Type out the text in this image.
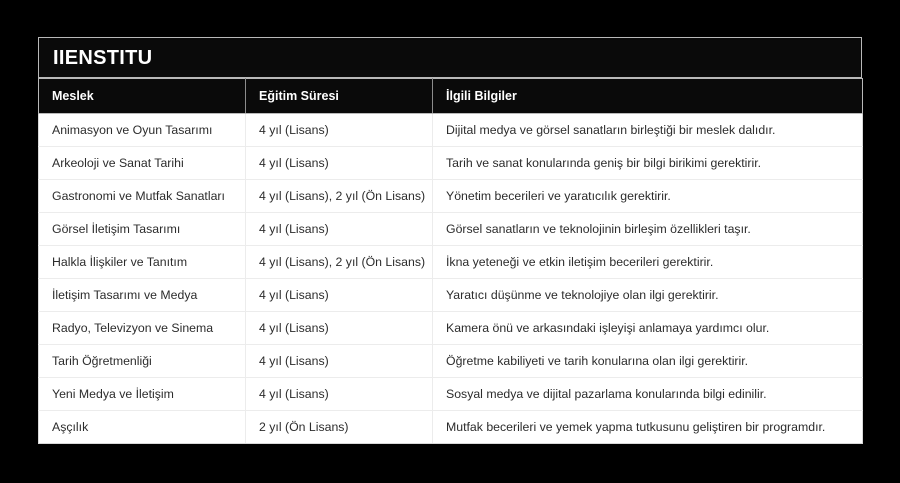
IIENSTITU
Meslek	Eğitim Süresi	İlgili Bilgiler
Animasyon ve Oyun Tasarımı	4 yıl (Lisans)	Dijital medya ve görsel sanatların birleştiği bir meslek dalıdır.
Arkeoloji ve Sanat Tarihi	4 yıl (Lisans)	Tarih ve sanat konularında geniş bir bilgi birikimi gerektirir.
Gastronomi ve Mutfak Sanatları	4 yıl (Lisans), 2 yıl (Ön Lisans)	Yönetim becerileri ve yaratıcılık gerektirir.
Görsel İletişim Tasarımı	4 yıl (Lisans)	Görsel sanatların ve teknolojinin birleşim özellikleri taşır.
Halkla İlişkiler ve Tanıtım	4 yıl (Lisans), 2 yıl (Ön Lisans)	İkna yeteneği ve etkin iletişim becerileri gerektirir.
İletişim Tasarımı ve Medya	4 yıl (Lisans)	Yaratıcı düşünme ve teknolojiye olan ilgi gerektirir.
Radyo, Televizyon ve Sinema	4 yıl (Lisans)	Kamera önü ve arkasındaki işleyişi anlamaya yardımcı olur.
Tarih Öğretmenliği	4 yıl (Lisans)	Öğretme kabiliyeti ve tarih konularına olan ilgi gerektirir.
Yeni Medya ve İletişim	4 yıl (Lisans)	Sosyal medya ve dijital pazarlama konularında bilgi edinilir.
Aşçılık	2 yıl (Ön Lisans)	Mutfak becerileri ve yemek yapma tutkusunu geliştiren bir programdır.
